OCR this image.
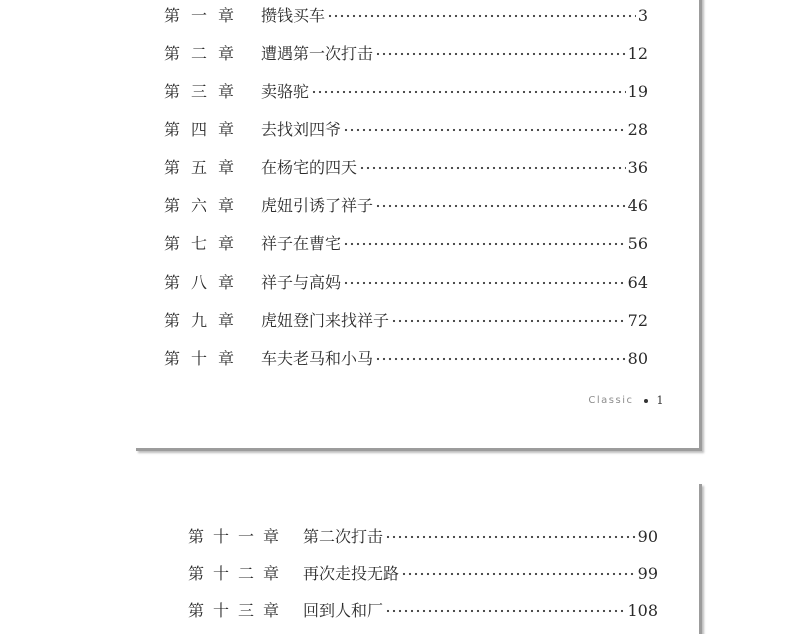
第一章 攒钱买车	3
第二章 遭遇第一次打击	12
第三章 卖骆驼	19
第四章 去找刘四爷	28
第五章 在杨宅的四天	36
第六章 虎妞引诱了祥子	46
第七章 祥子在曹宅	56
第八章 祥子与高妈	64
第九章 虎妞登门来找祥子	72
第十章 车夫老马和小马	80
Classic 1
第十一章 第二次打击	90
第十二章 再次走投无路	99
第十三章 回到人和厂	108
